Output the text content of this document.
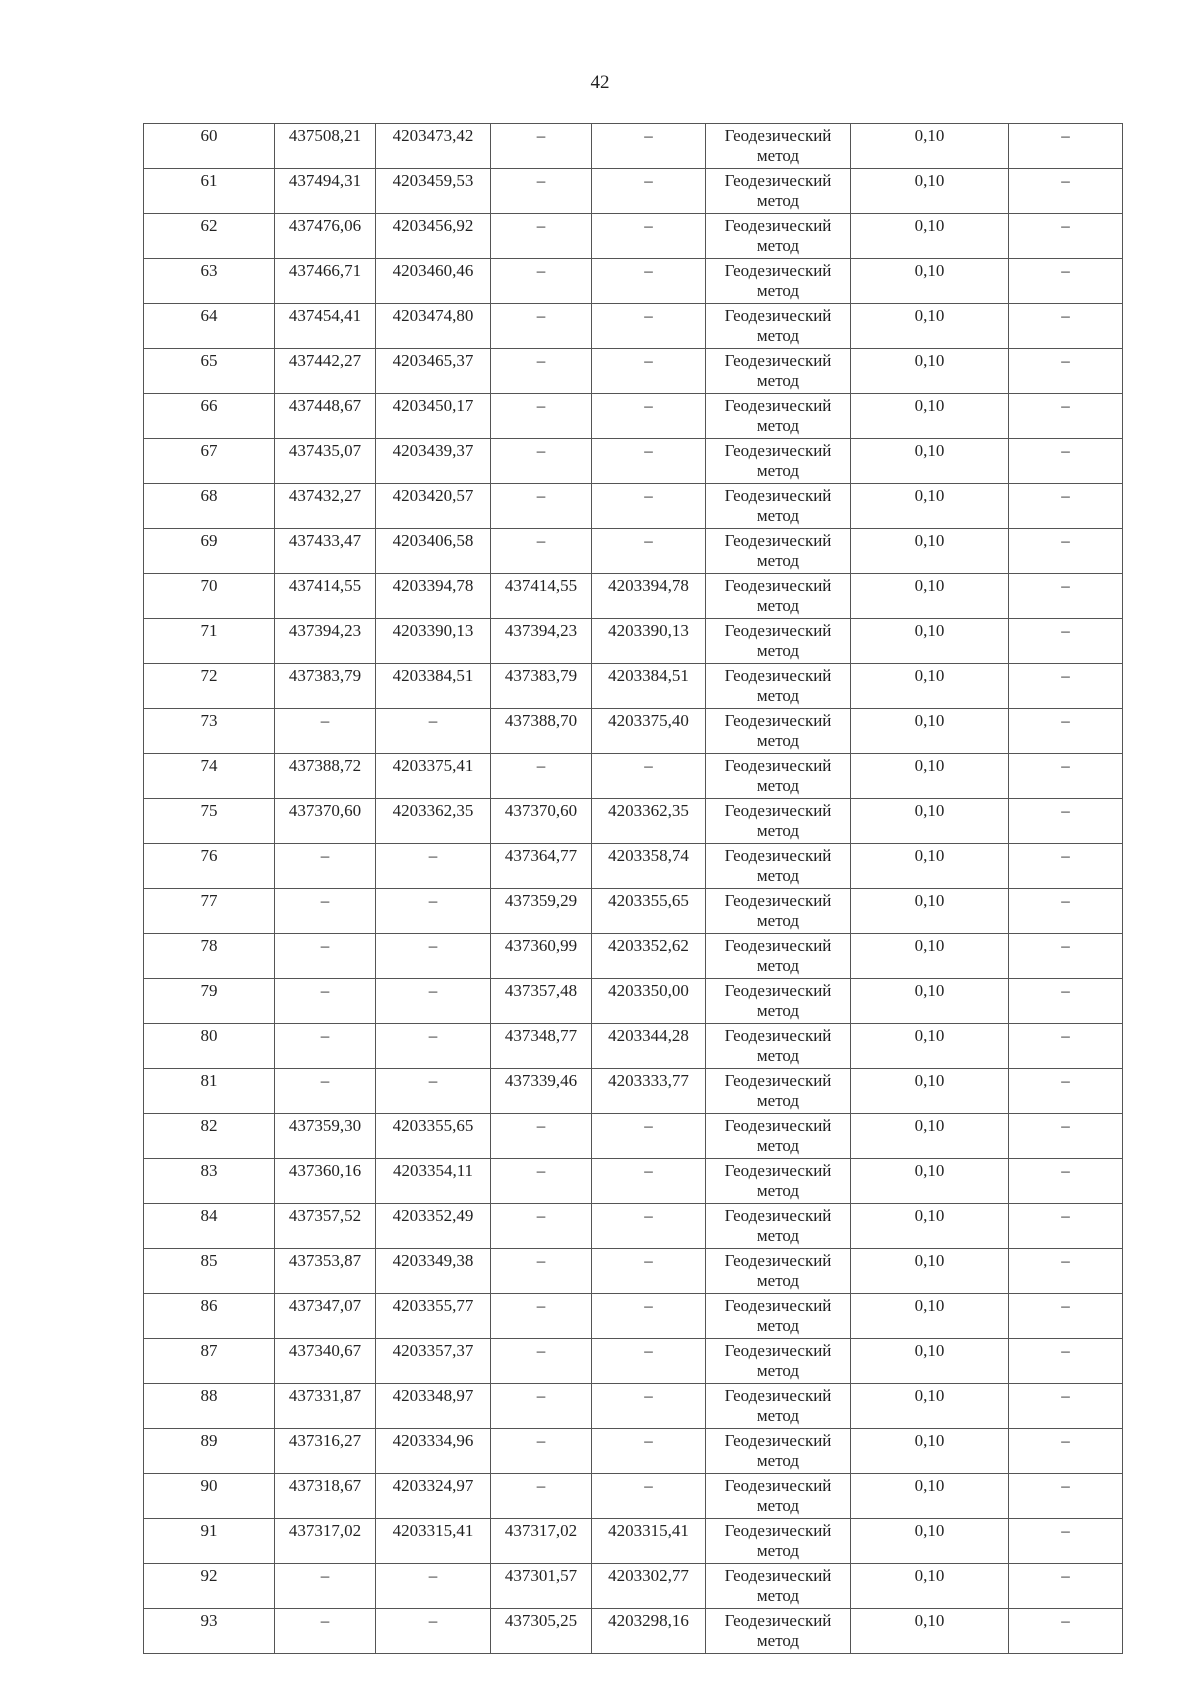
42
60	437508,21	4203473,42	–	–	Геодезический метод	0,10	–
61	437494,31	4203459,53	–	–	Геодезический метод	0,10	–
62	437476,06	4203456,92	–	–	Геодезический метод	0,10	–
63	437466,71	4203460,46	–	–	Геодезический метод	0,10	–
64	437454,41	4203474,80	–	–	Геодезический метод	0,10	–
65	437442,27	4203465,37	–	–	Геодезический метод	0,10	–
66	437448,67	4203450,17	–	–	Геодезический метод	0,10	–
67	437435,07	4203439,37	–	–	Геодезический метод	0,10	–
68	437432,27	4203420,57	–	–	Геодезический метод	0,10	–
69	437433,47	4203406,58	–	–	Геодезический метод	0,10	–
70	437414,55	4203394,78	437414,55	4203394,78	Геодезический метод	0,10	–
71	437394,23	4203390,13	437394,23	4203390,13	Геодезический метод	0,10	–
72	437383,79	4203384,51	437383,79	4203384,51	Геодезический метод	0,10	–
73	–	–	437388,70	4203375,40	Геодезический метод	0,10	–
74	437388,72	4203375,41	–	–	Геодезический метод	0,10	–
75	437370,60	4203362,35	437370,60	4203362,35	Геодезический метод	0,10	–
76	–	–	437364,77	4203358,74	Геодезический метод	0,10	–
77	–	–	437359,29	4203355,65	Геодезический метод	0,10	–
78	–	–	437360,99	4203352,62	Геодезический метод	0,10	–
79	–	–	437357,48	4203350,00	Геодезический метод	0,10	–
80	–	–	437348,77	4203344,28	Геодезический метод	0,10	–
81	–	–	437339,46	4203333,77	Геодезический метод	0,10	–
82	437359,30	4203355,65	–	–	Геодезический метод	0,10	–
83	437360,16	4203354,11	–	–	Геодезический метод	0,10	–
84	437357,52	4203352,49	–	–	Геодезический метод	0,10	–
85	437353,87	4203349,38	–	–	Геодезический метод	0,10	–
86	437347,07	4203355,77	–	–	Геодезический метод	0,10	–
87	437340,67	4203357,37	–	–	Геодезический метод	0,10	–
88	437331,87	4203348,97	–	–	Геодезический метод	0,10	–
89	437316,27	4203334,96	–	–	Геодезический метод	0,10	–
90	437318,67	4203324,97	–	–	Геодезический метод	0,10	–
91	437317,02	4203315,41	437317,02	4203315,41	Геодезический метод	0,10	–
92	–	–	437301,57	4203302,77	Геодезический метод	0,10	–
93	–	–	437305,25	4203298,16	Геодезический метод	0,10	–
